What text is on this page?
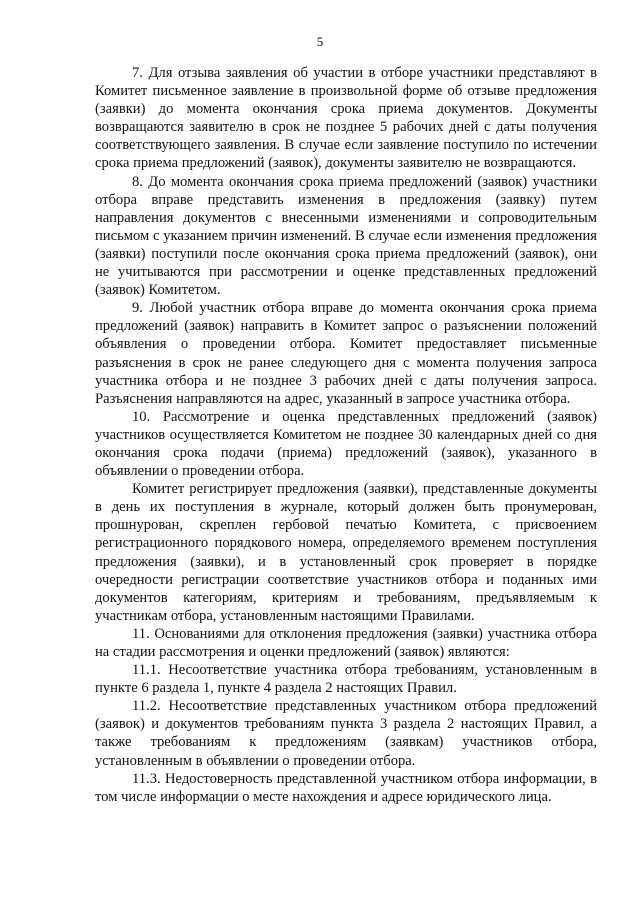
5

7. Для отзыва заявления об участии в отборе участники представляют в Комитет письменное заявление в произвольной форме об отзыве предложения (заявки) до момента окончания срока приема документов. Документы возвращаются заявителю в срок не позднее 5 рабочих дней с даты получения соответствующего заявления. В случае если заявление поступило по истечении срока приема предложений (заявок), документы заявителю не возвращаются.

8. До момента окончания срока приема предложений (заявок) участники отбора вправе представить изменения в предложения (заявку) путем направления документов с внесенными изменениями и сопроводительным письмом с указанием причин изменений. В случае если изменения предложения (заявки) поступили после окончания срока приема предложений (заявок), они не учитываются при рассмотрении и оценке представленных предложений (заявок) Комитетом.

9. Любой участник отбора вправе до момента окончания срока приема предложений (заявок) направить в Комитет запрос о разъяснении положений объявления о проведении отбора. Комитет предоставляет письменные разъяснения в срок не ранее следующего дня с момента получения запроса участника отбора и не позднее 3 рабочих дней с даты получения запроса. Разъяснения направляются на адрес, указанный в запросе участника отбора.

10. Рассмотрение и оценка представленных предложений (заявок) участников осуществляется Комитетом не позднее 30 календарных дней со дня окончания срока подачи (приема) предложений (заявок), указанного в объявлении о проведении отбора.

Комитет регистрирует предложения (заявки), представленные документы в день их поступления в журнале, который должен быть пронумерован, прошнурован, скреплен гербовой печатью Комитета, с присвоением регистрационного порядкового номера, определяемого временем поступления предложения (заявки), и в установленный срок проверяет в порядке очередности регистрации соответствие участников отбора и поданных ими документов категориям, критериям и требованиям, предъявляемым к участникам отбора, установленным настоящими Правилами.

11. Основаниями для отклонения предложения (заявки) участника отбора на стадии рассмотрения и оценки предложений (заявок) являются:

11.1. Несоответствие участника отбора требованиям, установленным в пункте 6 раздела 1, пункте 4 раздела 2 настоящих Правил.

11.2. Несоответствие представленных участником отбора предложений (заявок) и документов требованиям пункта 3 раздела 2 настоящих Правил, а также требованиям к предложениям (заявкам) участников отбора, установленным в объявлении о проведении отбора.

11.3. Недостоверность представленной участником отбора информации, в том числе информации о месте нахождения и адресе юридического лица.
